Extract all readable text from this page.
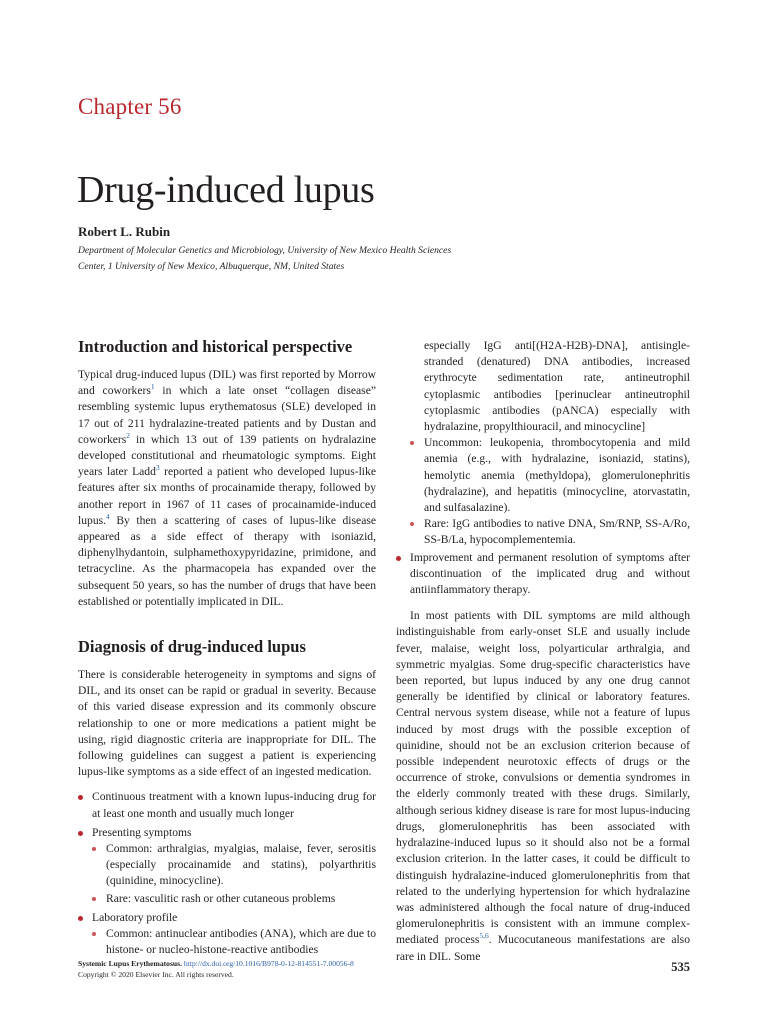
Chapter 56
Drug-induced lupus
Robert L. Rubin
Department of Molecular Genetics and Microbiology, University of New Mexico Health Sciences
Center, 1 University of New Mexico, Albuquerque, NM, United States
Introduction and historical perspective

Typical drug-induced lupus (DIL) was first reported by Morrow and coworkers$^1$ in which a late onset “collagen disease” resembling systemic lupus erythematosus (SLE) developed in 17 out of 211 hydralazine-treated patients and by Dustan and coworkers$^2$ in which 13 out of 139 patients on hydralazine developed constitutional and rheumatologic symptoms. Eight years later Ladd$^3$ reported a patient who developed lupus-like features after six months of procainamide therapy, followed by another report in 1967 of 11 cases of procainamide-induced lupus.$^4$ By then a scattering of cases of lupus-like disease appeared as a side effect of therapy with isoniazid, diphenylhydantoin, sulphamethoxypyridazine, primidone, and tetracycline. As the pharmacopeia has expanded over the subsequent 50 years, so has the number of drugs that have been established or potentially implicated in DIL.

Diagnosis of drug-induced lupus

There is considerable heterogeneity in symptoms and signs of DIL, and its onset can be rapid or gradual in severity. Because of this varied disease expression and its commonly obscure relationship to one or more medications a patient might be using, rigid diagnostic criteria are inappropriate for DIL. The following guidelines can suggest a patient is experiencing lupus-like symptoms as a side effect of an ingested medication.

Continuous treatment with a known lupus-inducing drug for at least one month and usually much longer
Presenting symptoms
Common: arthralgias, myalgias, malaise, fever, serositis (especially procainamide and statins), polyarthritis (quinidine, minocycline).
Rare: vasculitic rash or other cutaneous problems
Laboratory profile
Common: antinuclear antibodies (ANA), which are due to histone- or nucleo-histone-reactive antibodies

especially IgG anti[(H2A-H2B)-DNA], antisingle-stranded (denatured) DNA antibodies, increased erythrocyte sedimentation rate, antineutrophil cytoplasmic antibodies [perinuclear antineutrophil cytoplasmic antibodies (pANCA) especially with hydralazine, propylthiouracil, and minocycline]

Uncommon: leukopenia, thrombocytopenia and mild anemia (e.g., with hydralazine, isoniazid, statins), hemolytic anemia (methyldopa), glomerulonephritis (hydralazine), and hepatitis (minocycline, atorvastatin, and sulfasalazine).
Rare: IgG antibodies to native DNA, Sm/RNP, SS-A/Ro, SS-B/La, hypocomplementemia.
Improvement and permanent resolution of symptoms after discontinuation of the implicated drug and without antiinflammatory therapy.

In most patients with DIL symptoms are mild although indistinguishable from early-onset SLE and usually include fever, malaise, weight loss, polyarticular arthralgia, and symmetric myalgias. Some drug-specific characteristics have been reported, but lupus induced by any one drug cannot generally be identified by clinical or laboratory features. Central nervous system disease, while not a feature of lupus induced by most drugs with the possible exception of quinidine, should not be an exclusion criterion because of possible independent neurotoxic effects of drugs or the occurrence of stroke, convulsions or dementia syndromes in the elderly commonly treated with these drugs. Similarly, although serious kidney disease is rare for most lupus-inducing drugs, glomerulonephritis has been associated with hydralazine-induced lupus so it should also not be a formal exclusion criterion. In the latter cases, it could be difficult to distinguish hydralazine-induced glomerulonephritis from that related to the underlying hypertension for which hydralazine was administered although the focal nature of drug-induced glomerulonephritis is consistent with an immune complex-mediated process$^{5,6}$. Mucocutaneous manifestations are also rare in DIL. Some

Systemic Lupus Erythematosus. http://dx.doi.org/10.1016/B978-0-12-814551-7.00056-8
Copyright © 2020 Elsevier Inc. All rights reserved.
535
